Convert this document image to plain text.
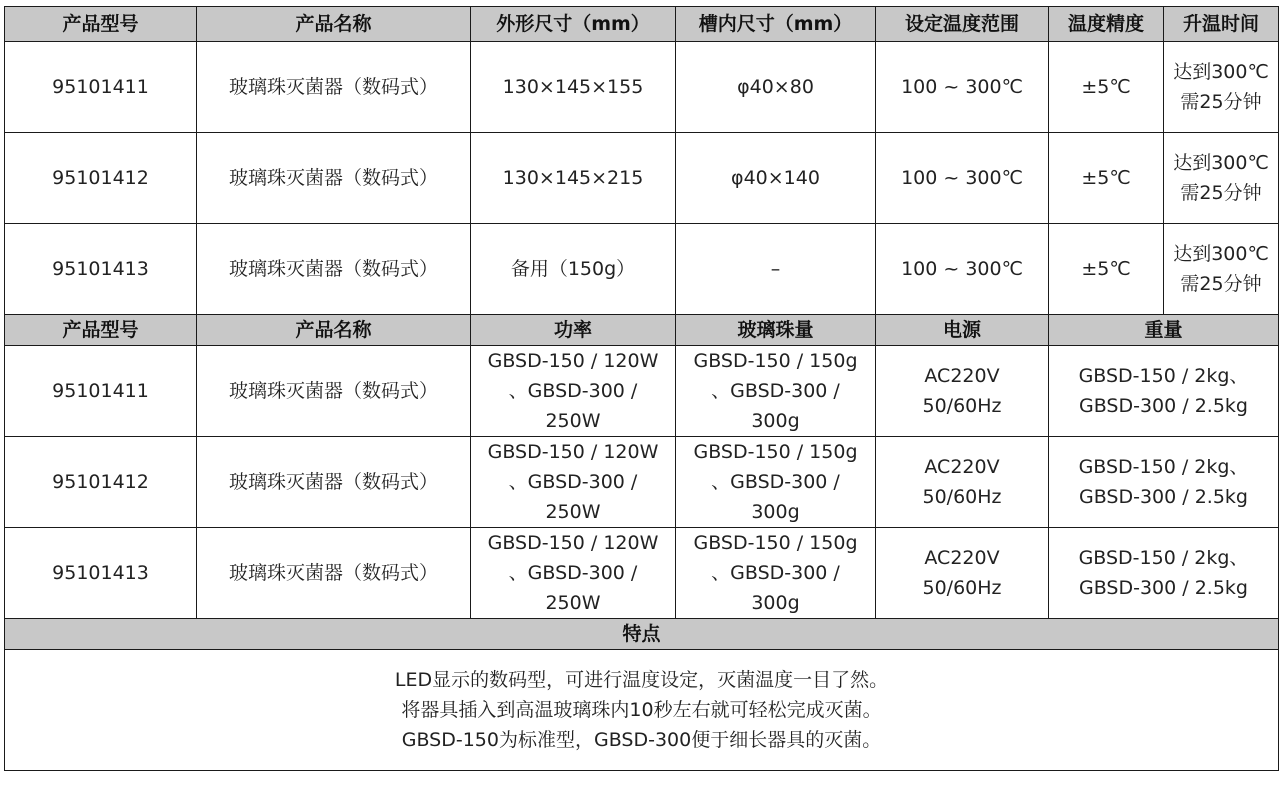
产品型号	产品名称	外形尺寸（mm）	槽内尺寸（mm）	设定温度范围	温度精度	升温时间
95101411	玻璃珠灭菌器（数码式）	130×145×155	φ40×80	100 ~ 300℃	±5℃	达到300℃
需25分钟

95101412	玻璃珠灭菌器（数码式）	130×145×215	φ40×140	100 ~ 300℃	±5℃	达到300℃
需25分钟

95101413	玻璃珠灭菌器（数码式）	备用（150g）	–	100 ~ 300℃	±5℃	达到300℃
需25分钟

产品型号	产品名称	功率	玻璃珠量	电源	重量	
95101411	玻璃珠灭菌器（数码式）	GBSD-150 / 120W
、GBSD-300 /
250W	GBSD-150 / 150g
、GBSD-300 /
300g	AC220V
50/60Hz	GBSD-150 / 2kg、
GBSD-300 / 2.5kg	

95101412	玻璃珠灭菌器（数码式）	GBSD-150 / 120W
、GBSD-300 /
250W	GBSD-150 / 150g
、GBSD-300 /
300g	AC220V
50/60Hz	GBSD-150 / 2kg、
GBSD-300 / 2.5kg	

95101413	玻璃珠灭菌器（数码式）	GBSD-150 / 120W
、GBSD-300 /
250W	GBSD-150 / 150g
、GBSD-300 /
300g	AC220V
50/60Hz	GBSD-150 / 2kg、
GBSD-300 / 2.5kg	

特点						

LED显示的数码型，可进行温度设定，灭菌温度一目了然。
将器具插入到高温玻璃珠内10秒左右就可轻松完成灭菌。
GBSD-150为标准型，GBSD-300便于细长器具的灭菌。						
